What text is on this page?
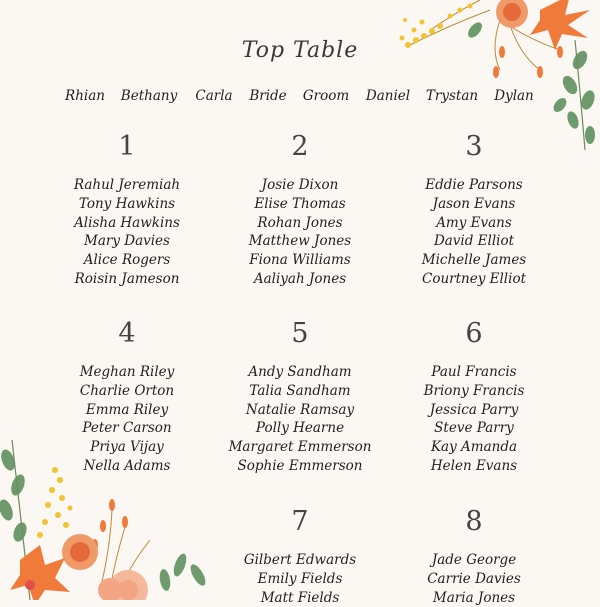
Top Table
Rhian Bethany Carla Bride Groom Daniel Trystan Dylan
1
Rahul Jeremiah
Tony Hawkins
Alisha Hawkins
Mary Davies
Alice Rogers
Roisin Jameson
2
Josie Dixon
Elise Thomas
Rohan Jones
Matthew Jones
Fiona Williams
Aaliyah Jones
3
Eddie Parsons
Jason Evans
Amy Evans
David Elliot
Michelle James
Courtney Elliot
4
Meghan Riley
Charlie Orton
Emma Riley
Peter Carson
Priya Vijay
Nella Adams
5
Andy Sandham
Talia Sandham
Natalie Ramsay
Polly Hearne
Margaret Emmerson
Sophie Emmerson
6
Paul Francis
Briony Francis
Jessica Parry
Steve Parry
Kay Amanda
Helen Evans
7
Gilbert Edwards
Emily Fields
Matt Fields
8
Jade George
Carrie Davies
Maria Jones
